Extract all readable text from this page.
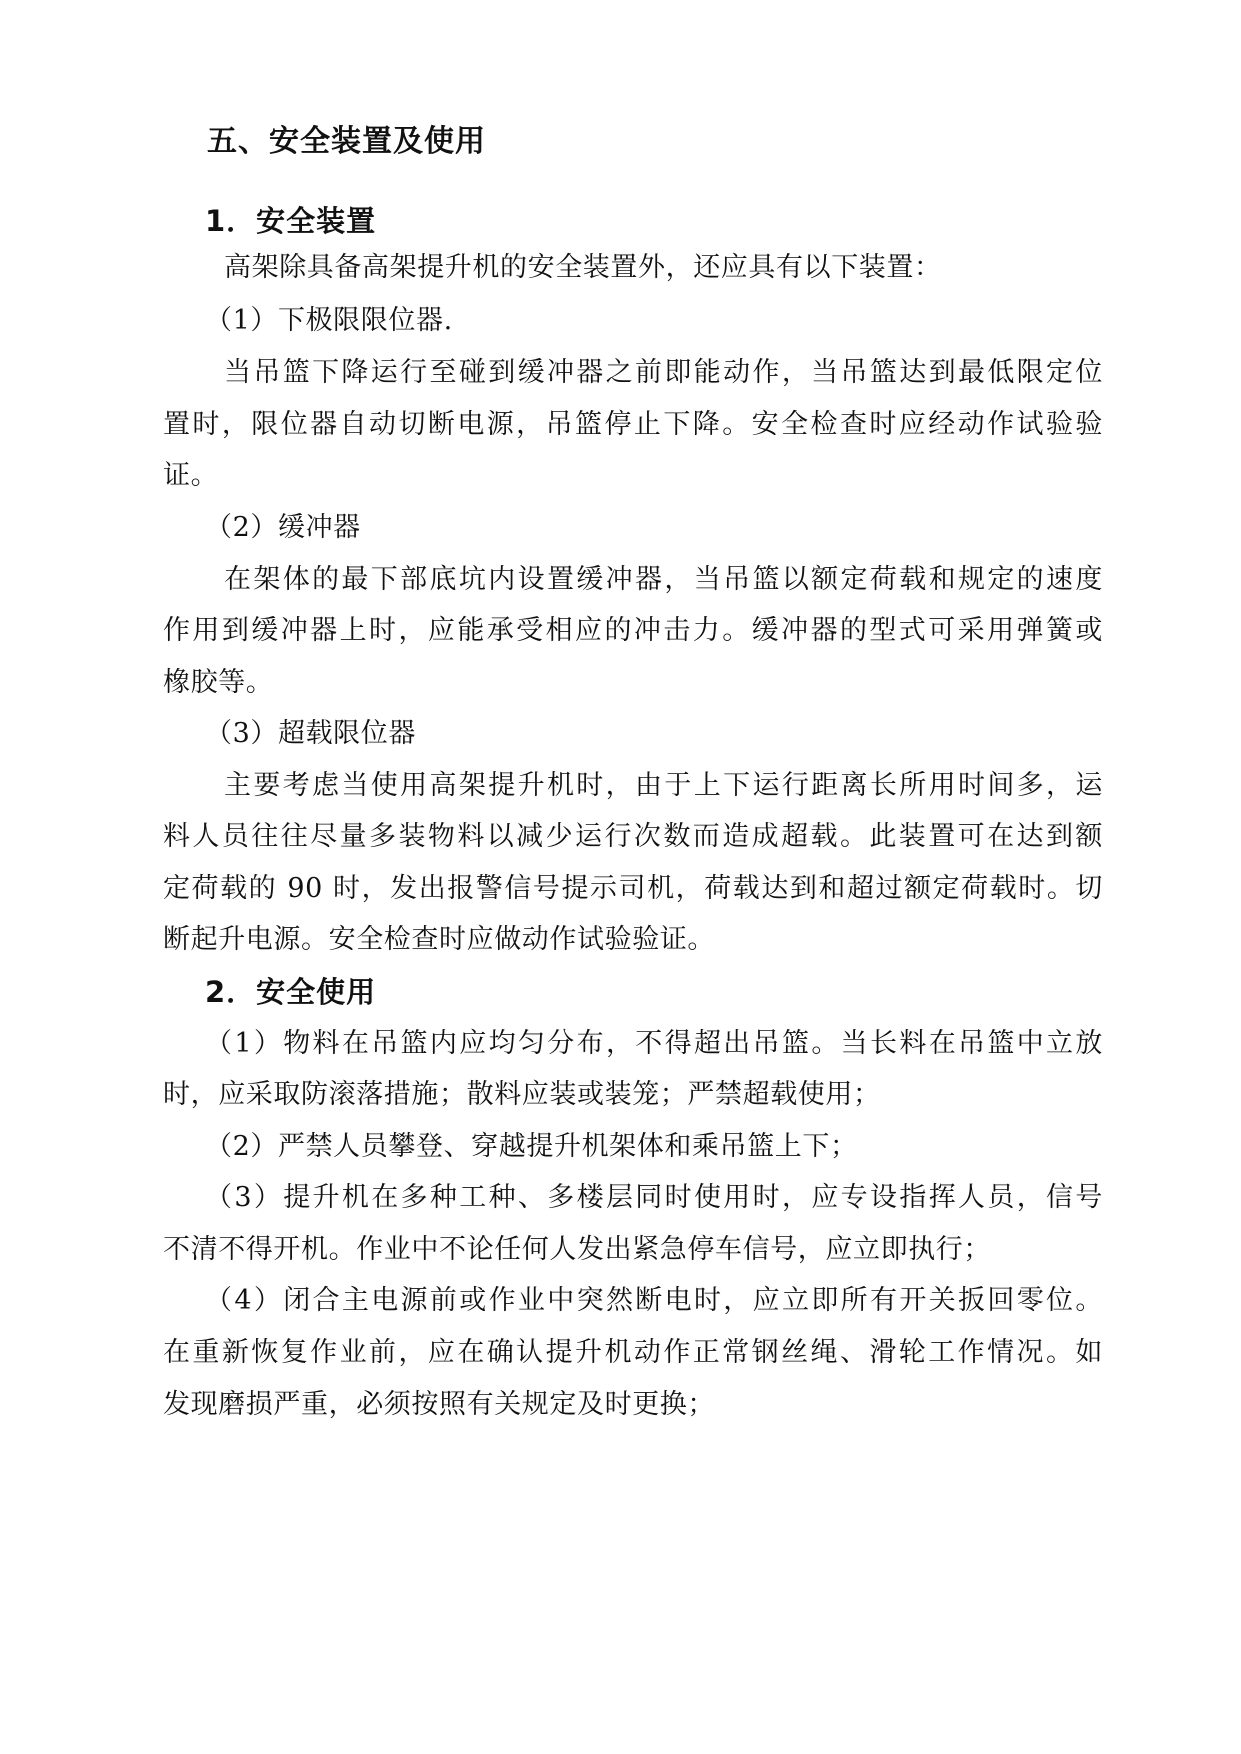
五、安全装置及使用
1．安全装置
高架除具备高架提升机的安全装置外，还应具有以下装置：
（1）下极限限位器.
当吊篮下降运行至碰到缓冲器之前即能动作，当吊篮达到最低限定位
置时，限位器自动切断电源，吊篮停止下降。安全检查时应经动作试验验
证。
（2）缓冲器
在架体的最下部底坑内设置缓冲器，当吊篮以额定荷载和规定的速度
作用到缓冲器上时，应能承受相应的冲击力。缓冲器的型式可采用弹簧或
橡胶等。
（3）超载限位器
主要考虑当使用高架提升机时，由于上下运行距离长所用时间多，运
料人员往往尽量多装物料以减少运行次数而造成超载。此装置可在达到额
定荷载的 90 时，发出报警信号提示司机，荷载达到和超过额定荷载时。切
断起升电源。安全检查时应做动作试验验证。
2．安全使用
（1）物料在吊篮内应均匀分布，不得超出吊篮。当长料在吊篮中立放
时，应采取防滚落措施；散料应装或装笼；严禁超载使用；
（2）严禁人员攀登、穿越提升机架体和乘吊篮上下；
（3）提升机在多种工种、多楼层同时使用时，应专设指挥人员，信号
不清不得开机。作业中不论任何人发出紧急停车信号，应立即执行；
（4）闭合主电源前或作业中突然断电时，应立即所有开关扳回零位。
在重新恢复作业前，应在确认提升机动作正常钢丝绳、滑轮工作情况。如
发现磨损严重，必须按照有关规定及时更换；
